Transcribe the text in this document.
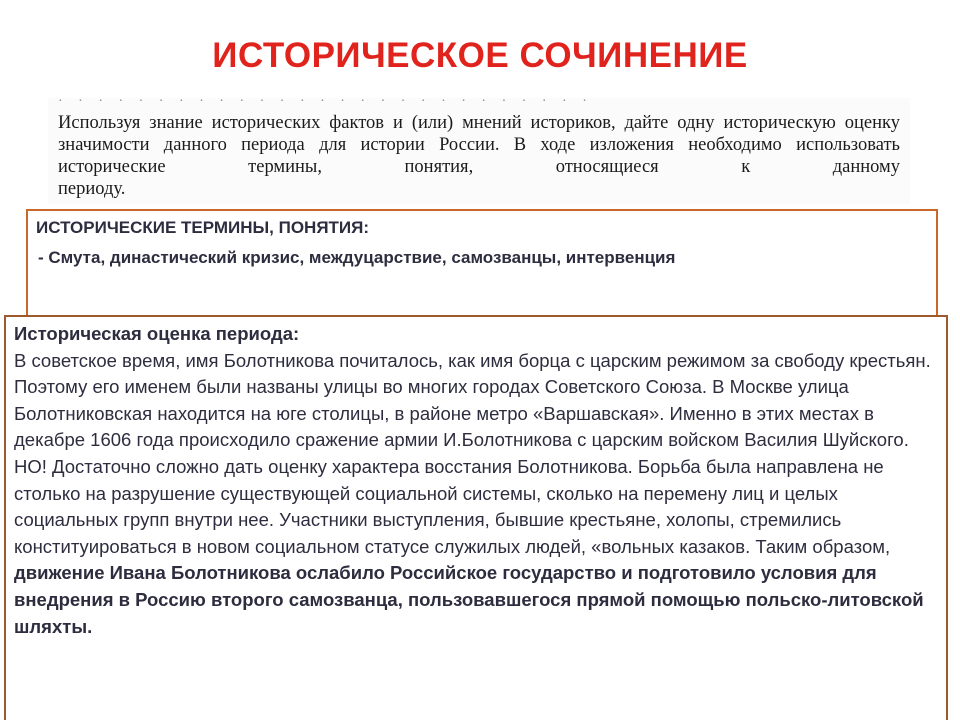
ИСТОРИЧЕСКОЕ СОЧИНЕНИЕ
· · · · · · · · · · · · · · · · · · · · · · · · · · ·

Используя знание исторических фактов и (или) мнений историков, дайте одну историческую оценку значимости данного периода для истории России. В ходе изложения необходимо использовать исторические термины, понятия, относящиеся к данному

периоду.

ИСТОРИЧЕСКИЕ ТЕРМИНЫ, ПОНЯТИЯ:
- Смута, династический кризис, междуцарствие, самозванцы, интервенция
Историческая оценка периода:

В советское время, имя Болотникова почиталось, как имя борца с царским режимом за свободу крестьян. Поэтому его именем были названы улицы во многих городах Советского Союза. В Москве улица Болотниковская находится на юге столицы, в районе метро «Варшавская». Именно в этих местах в декабре 1606 года происходило сражение армии И.Болотникова с царским войском Василия Шуйского. НО! Достаточно сложно дать оценку характера восстания Болотникова. Борьба была направлена не столько на разрушение существующей социальной системы, сколько на перемену лиц и целых социальных групп внутри нее. Участники выступления, бывшие крестьяне, холопы, стремились конституироваться в новом социальном статусе служилых людей, «вольных казаков. Таким образом, движение Ивана Болотникова ослабило Российское государство и подготовило условия для внедрения в Россию второго самозванца, пользовавшегося прямой помощью польско-литовской шляхты.
